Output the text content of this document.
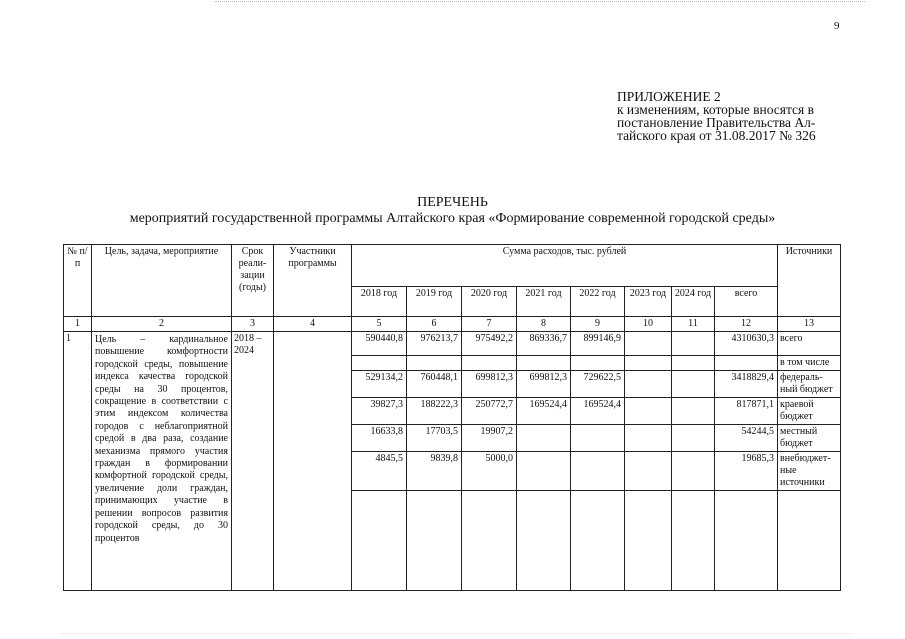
9
ПРИЛОЖЕНИЕ 2
к изменениям, которые вносятся в
постановление Правительства Ал-
тайского края от 31.08.2017 № 326
ПЕРЕЧЕНЬ
мероприятий государственной программы Алтайского края «Формирование современной городской среды»
№ п/п	Цель, задача, мероприятие	Срок реали-зации (годы)	Участники программы	Сумма расходов, тыс. рублей								Источники
				2018 год	2019 год	2020 год	2021 год	2022 год	2023 год	2024 год	всего	
1	2	3	4	5	6	7	8	9	10	11	12	13
1	Цель – кардинальное повышение комфортности городской среды, повышение индекса качества городской среды на 30 процентов, сокращение в соответствии с этим индексом количества городов с неблагоприятной средой в два раза, создание механизма прямого участия граждан в формировании комфортной городской среды, увеличение доли граждан, принимающих участие в решении вопросов развития городской среды, до 30 процентов	2018 – 2024		590440,8	976213,7	975492,2	869336,7	899146,9			4310630,3	всего
												в том числе
				529134,2	760448,1	699812,3	699812,3	729622,5			3418829,4	федераль-ный бюджет
				39827,3	188222,3	250772,7	169524,4	169524,4			817871,1	краевой бюджет
				16633,8	17703,5	19907,2					54244,5	местный бюджет
				4845,5	9839,8	5000,0					19685,3	внебюджет-ные источники
